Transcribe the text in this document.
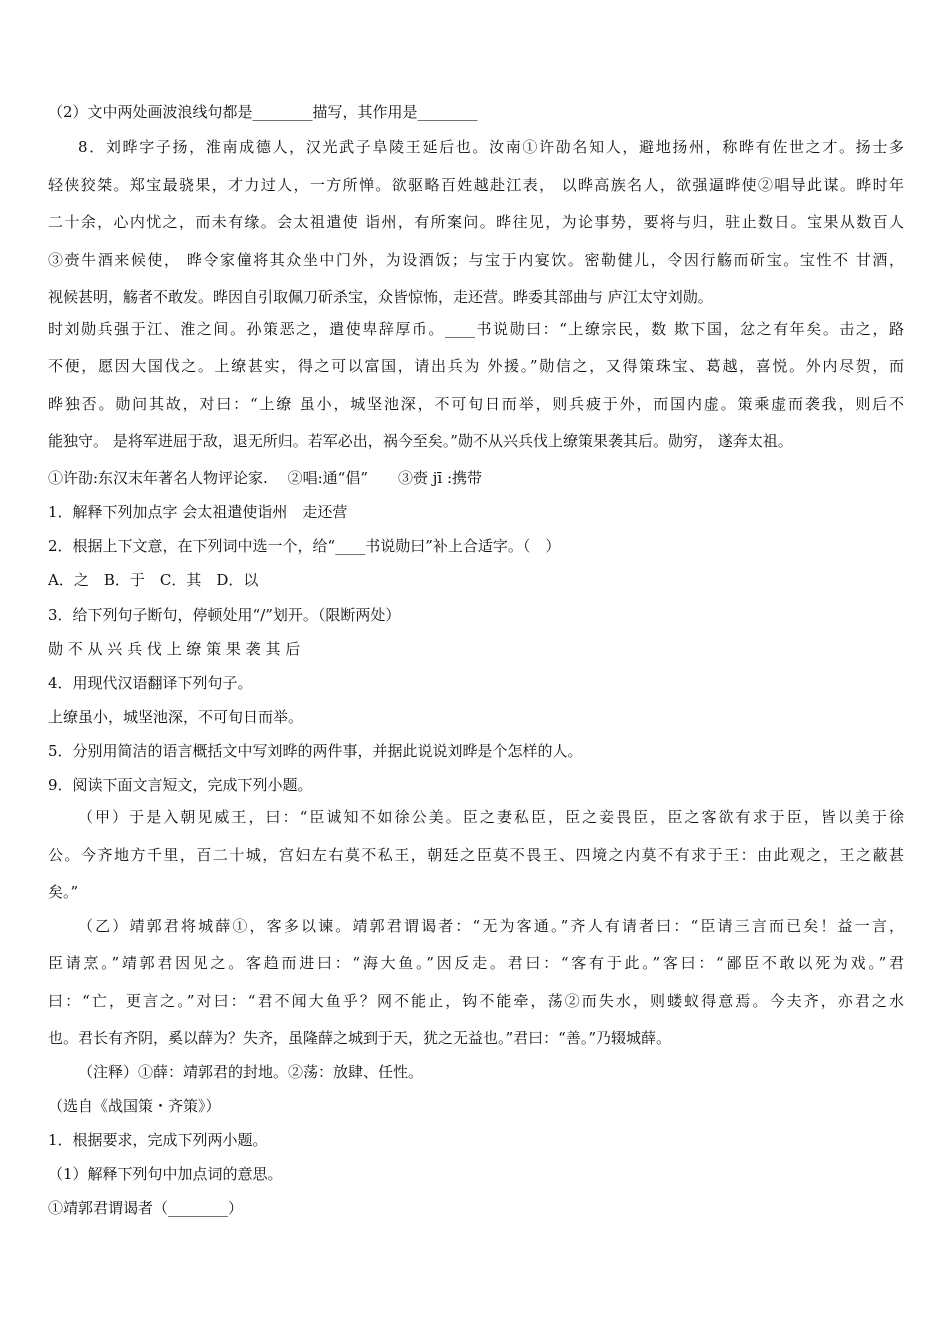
（2）文中两处画波浪线句都是________描写，其作用是________
8．刘晔字子扬，淮南成德人，汉光武子阜陵王延后也。汝南①许劭名知人，避地扬州，称晔有佐世之才。扬士多
轻侠狡桀。郑宝最骁果，才力过人，一方所惮。欲驱略百姓越赴江表， 以晔高族名人，欲强逼晔使②唱导此谋。晔时年
二十余，心内忧之，而未有缘。会太祖遣使 诣州，有所案问。晔往见，为论事势，要将与归，驻止数日。宝果从数百人
③赍牛酒来候使， 晔令家僮将其众坐中门外，为设酒饭；与宝于内宴饮。密勒健儿，令因行觞而斫宝。宝性不 甘酒，
视候甚明，觞者不敢发。晔因自引取佩刀斫杀宝，众皆惊怖，走还营。晔委其部曲与 庐江太守刘勋。
时刘勋兵强于江、淮之间。孙策恶之，遣使卑辞厚币。____书说勋曰：“上缭宗民，数 欺下国，忿之有年矣。击之，路
不便，愿因大国伐之。上缭甚实，得之可以富国，请出兵为 外援。”勋信之，又得策珠宝、葛越，喜悦。外内尽贺，而
晔独否。勋问其故，对曰：“上缭 虽小，城坚池深，不可旬日而举，则兵疲于外，而国内虚。策乘虚而袭我，则后不
能独守。 是将军进屈于敌，退无所归。若军必出，祸今至矣。”勋不从兴兵伐上缭策果袭其后。勋穷， 遂奔太祖。
①许劭:东汉末年著名人物评论家.　 ②唱:通“倡”　　③赍 jī :携带
1．解释下列加点字 会太祖遣使诣州　走还营
2．根据上下文意，在下列词中选一个，给“____书说勋曰”补上合适字。（　）
A．之　B．于　C．其　D．以
3．给下列句子断句，停顿处用“/”划开。（限断两处）
勋 不 从 兴 兵 伐 上 缭 策 果 袭 其 后
4．用现代汉语翻译下列句子。
上缭虽小，城坚池深，不可旬日而举。
5．分别用简洁的语言概括文中写刘晔的两件事，并据此说说刘晔是个怎样的人。
9．阅读下面文言短文，完成下列小题。
（甲）于是入朝见威王，曰：“臣诚知不如徐公美。臣之妻私臣，臣之妾畏臣，臣之客欲有求于臣，皆以美于徐
公。今齐地方千里，百二十城，宫妇左右莫不私王，朝廷之臣莫不畏王、四境之内莫不有求于王：由此观之，王之蔽甚
矣。”
（乙）靖郭君将城薛①，客多以谏。靖郭君谓谒者：“无为客通。”齐人有请者曰：“臣请三言而已矣！益一言，
臣请烹。”靖郭君因见之。客趋而进曰：“海大鱼。”因反走。君曰：“客有于此。”客曰：“鄙臣不敢以死为戏。”君
曰：“亡，更言之。”对曰：“君不闻大鱼乎？网不能止，钩不能牵，荡②而失水，则蝼蚁得意焉。今夫齐，亦君之水
也。君长有齐阴，奚以薛为？失齐，虽隆薛之城到于天，犹之无益也。”君曰：“善。”乃辍城薛。
（注释）①薛：靖郭君的封地。②荡：放肆、任性。
（选自《战国策・齐策》）
1．根据要求，完成下列两小题。
（1）解释下列句中加点词的意思。
①靖郭君谓谒者（________）
